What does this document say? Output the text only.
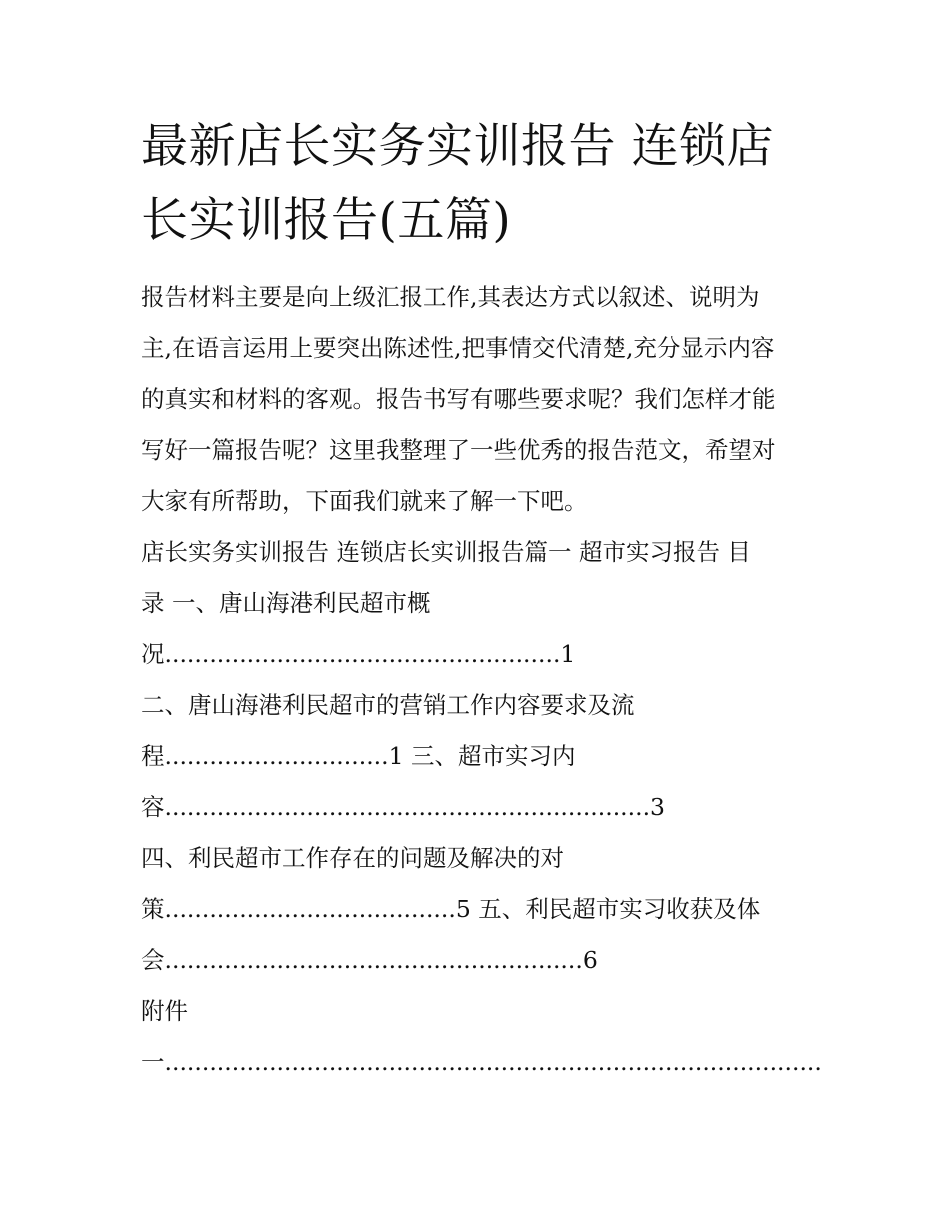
最新店长实务实训报告 连锁店
长实训报告(五篇)
报告材料主要是向上级汇报工作,其表达方式以叙述、说明为
主,在语言运用上要突出陈述性,把事情交代清楚,充分显示内容
的真实和材料的客观。报告书写有哪些要求呢？我们怎样才能
写好一篇报告呢？这里我整理了一些优秀的报告范文，希望对
大家有所帮助，下面我们就来了解一下吧。
店长实务实训报告 连锁店长实训报告篇一 超市实习报告 目
录 一、唐山海港利民超市概
况.....................................................1
二、唐山海港利民超市的营销工作内容要求及流
程..............................1 三、超市实习内
容.................................................................3
四、利民超市工作存在的问题及解决的对
策.......................................5 五、利民超市实习收获及体
会........................................................6
附件
一........................................................................................
